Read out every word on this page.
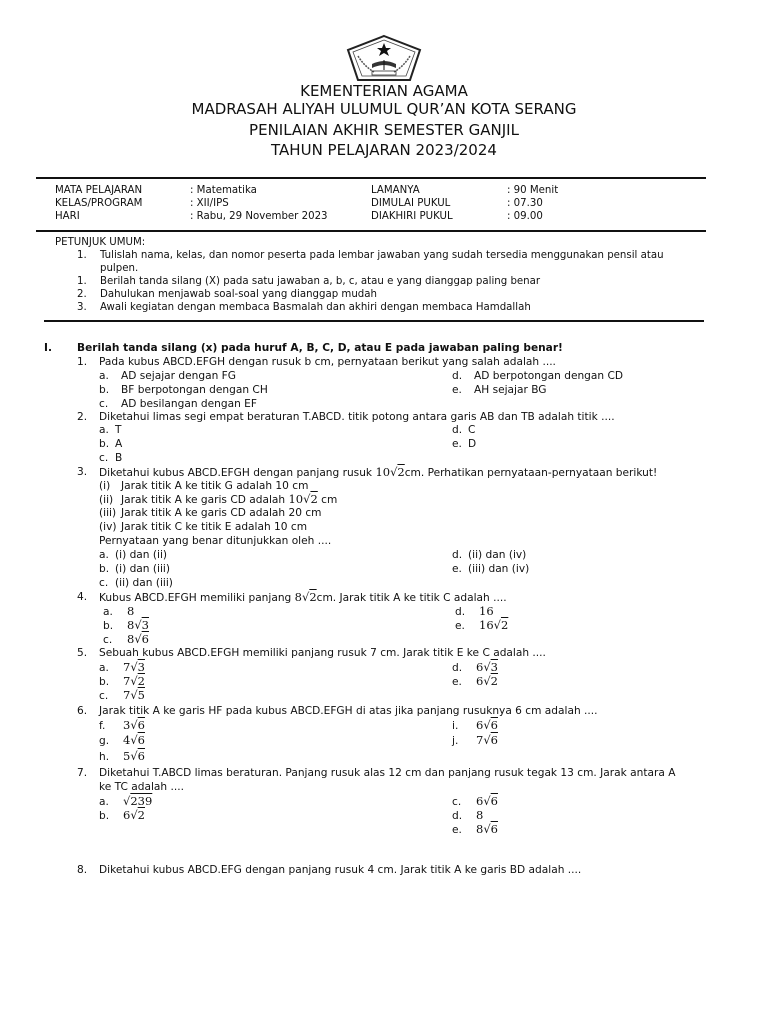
KEMENTERIAN AGAMA
MADRASAH ALIYAH ULUMUL QUR’AN KOTA SERANG
PENILAIAN AKHIR SEMESTER GANJIL
TAHUN PELAJARAN 2023/2024
MATA PELAJARAN
KELAS/PROGRAM
HARI
: Matematika
: XII/IPS
: Rabu, 29 November 2023
LAMANYA
DIMULAI PUKUL
DIAKHIRI PUKUL
: 90 Menit
: 07.30
: 09.00
PETUNJUK UMUM:
1. Tulislah nama, kelas, dan nomor peserta pada lembar jawaban yang sudah tersedia menggunakan pensil atau
pulpen.
1. Berilah tanda silang (X) pada satu jawaban a, b, c, atau e yang dianggap paling benar
2. Dahulukan menjawab soal-soal yang dianggap mudah
3. Awali kegiatan dengan membaca Basmalah dan akhiri dengan membaca Hamdallah
I. Berilah tanda silang (x) pada huruf A, B, C, D, atau E pada jawaban paling benar!
1. Pada kubus ABCD.EFGH dengan rusuk b cm, pernyataan berikut yang salah adalah ....
a. AD sejajar dengan FG
b. BF berpotongan dengan CH
c. AD besilangan dengan EF
d. AD berpotongan dengan CD
e. AH sejajar BG
2. Diketahui limas segi empat beraturan T.ABCD. titik potong antara garis AB dan TB adalah titik ....
a. T
b. A
c. B
d. C
e. D
3. Diketahui kubus ABCD.EFGH dengan panjang rusuk 10√2cm. Perhatikan pernyataan-pernyataan berikut!
(i) Jarak titik A ke titik G adalah 10 cm
(ii) Jarak titik A ke garis CD adalah 10√2 cm
(iii) Jarak titik A ke garis CD adalah 20 cm
(iv) Jarak titik C ke titik E adalah 10 cm
Pernyataan yang benar ditunjukkan oleh ....
a. (i) dan (ii)
b. (i) dan (iii)
c. (ii) dan (iii)
d. (ii) dan (iv)
e. (iii) dan (iv)
4. Kubus ABCD.EFGH memiliki panjang 8√2cm. Jarak titik A ke titik C adalah ....
5. Sebuah kubus ABCD.EFGH memiliki panjang rusuk 7 cm. Jarak titik E ke C adalah ....
6. Jarak titik A ke garis HF pada kubus ABCD.EFGH di atas jika panjang rusuknya 6 cm adalah ....
7. Diketahui T.ABCD limas beraturan. Panjang rusuk alas 12 cm dan panjang rusuk tegak 13 cm. Jarak antara A
ke TC adalah ....
8. Diketahui kubus ABCD.EFG dengan panjang rusuk 4 cm. Jarak titik A ke garis BD adalah ....
a. 8
b. 8√3
c. 8√6
d. 16
e. 16√2
a. 7√3
b. 7√2
c. 7√5
d. 6√3
e. 6√2
f. 3√6
g. 4√6
h. 5√6
i. 6√6
j. 7√6
a. √239
b. 6√2
c. 6√6
d. 8
e. 8√6
